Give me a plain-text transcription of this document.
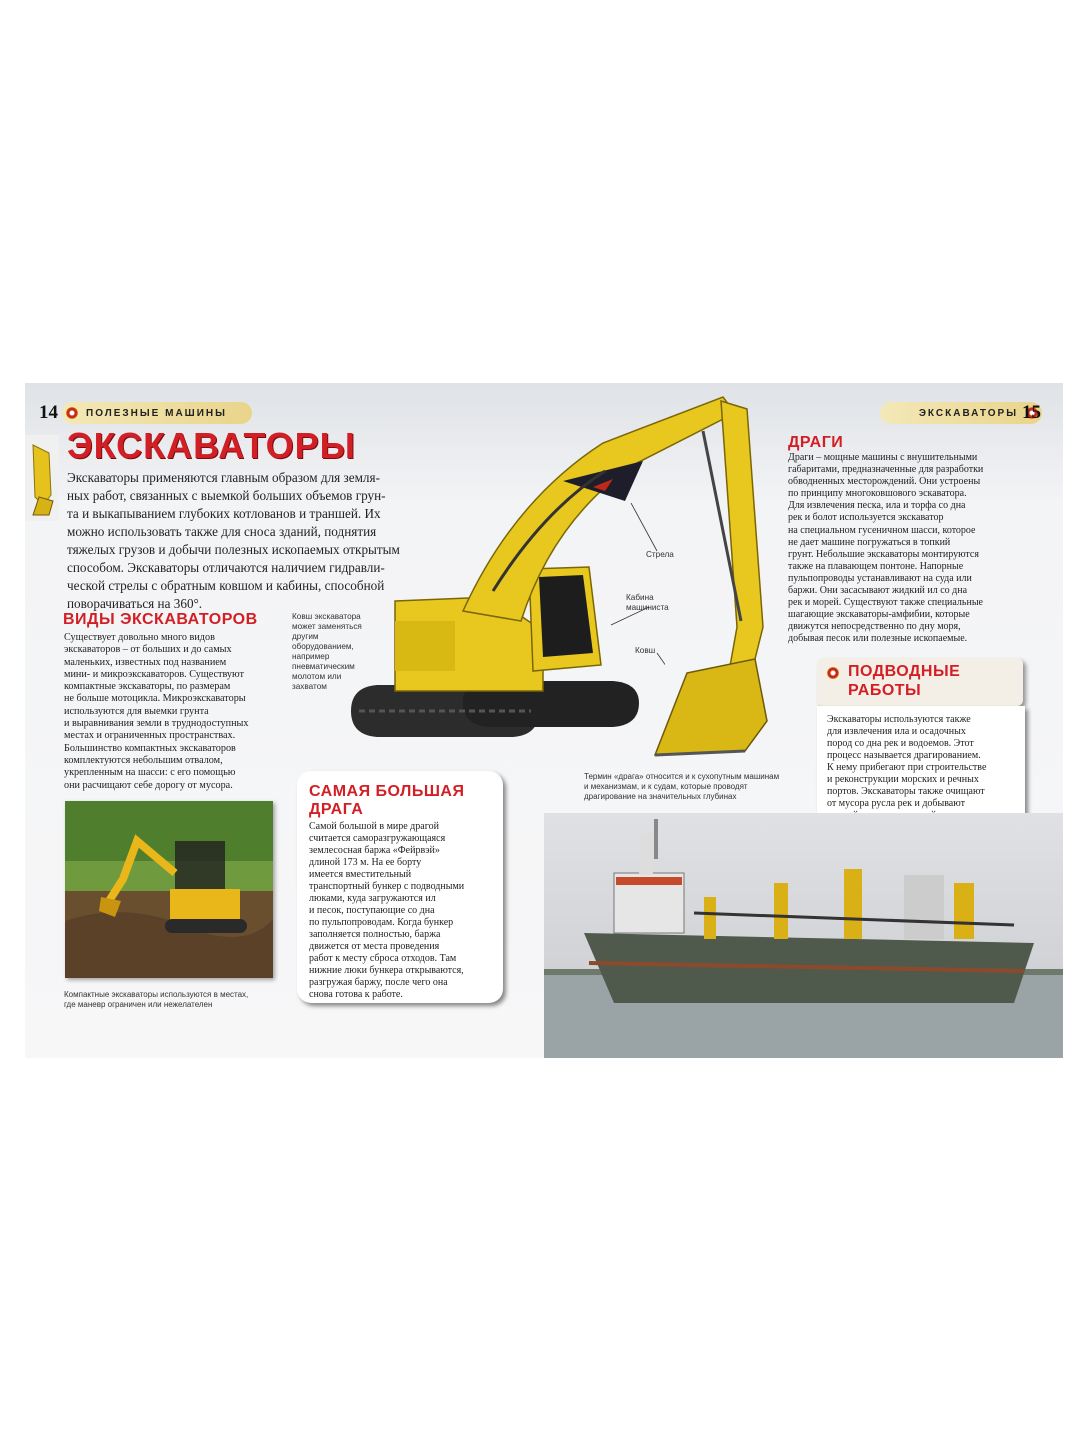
14	ПОЛЕЗНЫЕ МАШИНЫ	ЭКСКАВАТОРЫ 15
ЭКСКАВАТОРЫ
Экскаваторы применяются главным образом для земля-
ных работ, связанных с выемкой больших объемов грун-
та и выкапыванием глубоких котлованов и траншей. Их
можно использовать также для сноса зданий, поднятия
тяжелых грузов и добычи полезных ископаемых открытым
способом. Экскаваторы отличаются наличием гидравли-
ческой стрелы с обратным ковшом и кабины, способной
поворачиваться на 360°.
ВИДЫ ЭКСКАВАТОРОВ
Существует довольно много видов
экскаваторов – от больших и до самых
маленьких, известных под названием
мини- и микроэкскаваторов. Существуют
компактные экскаваторы, по размерам
не больше мотоцикла. Микроэкскаваторы
используются для выемки грунта
и выравнивания земли в труднодоступных
местах и ограниченных пространствах.
Большинство компактных экскаваторов
комплектуются небольшим отвалом,
укрепленным на шасси: с его помощью
они расчищают себе дорогу от мусора.
Компактные экскаваторы используются в местах,
где маневр ограничен или нежелателен
Ковш экскаватора
может заменяться
другим
оборудованием,
например
пневматическим
молотом или
захватом
Стрела
Кабина
машиниста
Ковш
САМАЯ БОЛЬШАЯ
ДРАГА
Самой большой в мире драгой
считается саморазгружающаяся
землесосная баржа «Фейрвэй»
длиной 173 м. На ее борту
имеется вместительный
транспортный бункер с подводными
люками, куда загружаются ил
и песок, поступающие со дна
по пульпопроводам. Когда бункер
заполняется полностью, баржа
движется от места проведения
работ к месту сброса отходов. Там
нижние люки бункера открываются,
разгружая баржу, после чего она
снова готова к работе.
ДРАГИ
Драги – мощные машины с внушительными
габаритами, предназначенные для разработки
обводненных месторождений. Они устроены
по принципу многоковшового эскаватора.
Для извлечения песка, ила и торфа со дна
рек и болот используется экскаватор
на специальном гусеничном шасси, которое
не дает машине погружаться в топкий
грунт. Небольшие экскаваторы монтируются
также на плавающем понтоне. Напорные
пульпопроводы устанавливают на суда или
баржи. Они засасывают жидкий ил со дна
рек и морей. Существуют также специальные
шагающие экскаваторы-амфибии, которые
движутся непосредственно по дну моря,
добывая песок или полезные ископаемые.
ПОДВОДНЫЕ
РАБОТЫ
Экскаваторы используются также
для извлечения ила и осадочных
пород со дна рек и водоемов. Этот
процесс называется драгированием.
К нему прибегают при строительстве
и реконструкции морских и речных
портов. Экскаваторы также очищают
от мусора русла рек и добывают
Термин «драга» относится и к сухопутным машинам
и механизмам, и к судам, которые проводят
драгирование на значительных глубинах
